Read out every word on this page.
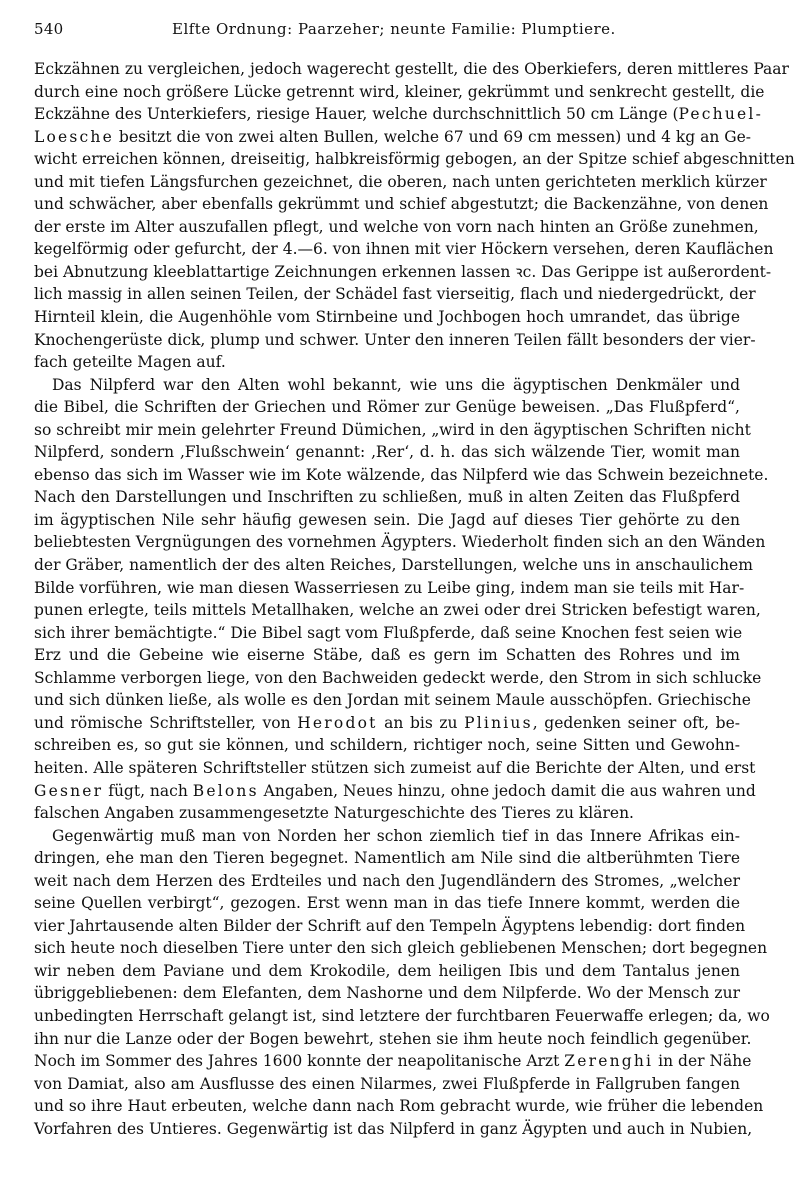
540	Elfte Ordnung: Paarzeher; neunte Familie: Plumptiere.
Eckzähnen zu vergleichen, jedoch wagerecht gestellt, die des Oberkiefers, deren mittleres Paar
durch eine noch größere Lücke getrennt wird, kleiner, gekrümmt und senkrecht gestellt, die
Eckzähne des Unterkiefers, riesige Hauer, welche durchschnittlich 50 cm Länge (Pechuel-
Loesche besitzt die von zwei alten Bullen, welche 67 und 69 cm messen) und 4 kg an Ge-
wicht erreichen können, dreiseitig, halbkreisförmig gebogen, an der Spitze schief abgeschnitten
und mit tiefen Längsfurchen gezeichnet, die oberen, nach unten gerichteten merklich kürzer
und schwächer, aber ebenfalls gekrümmt und schief abgestutzt; die Backenzähne, von denen
der erste im Alter auszufallen pflegt, und welche von vorn nach hinten an Größe zunehmen,
kegelförmig oder gefurcht, der 4.—6. von ihnen mit vier Höckern versehen, deren Kauflächen
bei Abnutzung kleeblattartige Zeichnungen erkennen lassen ꝛc. Das Gerippe ist außerordent-
lich massig in allen seinen Teilen, der Schädel fast vierseitig, flach und niedergedrückt, der
Hirnteil klein, die Augenhöhle vom Stirnbeine und Jochbogen hoch umrandet, das übrige
Knochengerüste dick, plump und schwer. Unter den inneren Teilen fällt besonders der vier-
fach geteilte Magen auf.
Das Nilpferd war den Alten wohl bekannt, wie uns die ägyptischen Denkmäler und
die Bibel, die Schriften der Griechen und Römer zur Genüge beweisen. „Das Flußpferd“,
so schreibt mir mein gelehrter Freund Dümichen, „wird in den ägyptischen Schriften nicht
Nilpferd, sondern ‚Flußschwein‘ genannt: ‚Rer‘, d. h. das sich wälzende Tier, womit man
ebenso das sich im Wasser wie im Kote wälzende, das Nilpferd wie das Schwein bezeichnete.
Nach den Darstellungen und Inschriften zu schließen, muß in alten Zeiten das Flußpferd
im ägyptischen Nile sehr häufig gewesen sein. Die Jagd auf dieses Tier gehörte zu den
beliebtesten Vergnügungen des vornehmen Ägypters. Wiederholt finden sich an den Wänden
der Gräber, namentlich der des alten Reiches, Darstellungen, welche uns in anschaulichem
Bilde vorführen, wie man diesen Wasserriesen zu Leibe ging, indem man sie teils mit Har-
punen erlegte, teils mittels Metallhaken, welche an zwei oder drei Stricken befestigt waren,
sich ihrer bemächtigte.“ Die Bibel sagt vom Flußpferde, daß seine Knochen fest seien wie
Erz und die Gebeine wie eiserne Stäbe, daß es gern im Schatten des Rohres und im
Schlamme verborgen liege, von den Bachweiden gedeckt werde, den Strom in sich schlucke
und sich dünken ließe, als wolle es den Jordan mit seinem Maule ausschöpfen. Griechische
und römische Schriftsteller, von Herodot an bis zu Plinius, gedenken seiner oft, be-
schreiben es, so gut sie können, und schildern, richtiger noch, seine Sitten und Gewohn-
heiten. Alle späteren Schriftsteller stützen sich zumeist auf die Berichte der Alten, und erst
Gesner fügt, nach Belons Angaben, Neues hinzu, ohne jedoch damit die aus wahren und
falschen Angaben zusammengesetzte Naturgeschichte des Tieres zu klären.
Gegenwärtig muß man von Norden her schon ziemlich tief in das Innere Afrikas ein-
dringen, ehe man den Tieren begegnet. Namentlich am Nile sind die altberühmten Tiere
weit nach dem Herzen des Erdteiles und nach den Jugendländern des Stromes, „welcher
seine Quellen verbirgt“, gezogen. Erst wenn man in das tiefe Innere kommt, werden die
vier Jahrtausende alten Bilder der Schrift auf den Tempeln Ägyptens lebendig: dort finden
sich heute noch dieselben Tiere unter den sich gleich gebliebenen Menschen; dort begegnen
wir neben dem Paviane und dem Krokodile, dem heiligen Ibis und dem Tantalus jenen
übriggebliebenen: dem Elefanten, dem Nashorne und dem Nilpferde. Wo der Mensch zur
unbedingten Herrschaft gelangt ist, sind letztere der furchtbaren Feuerwaffe erlegen; da, wo
ihn nur die Lanze oder der Bogen bewehrt, stehen sie ihm heute noch feindlich gegenüber.
Noch im Sommer des Jahres 1600 konnte der neapolitanische Arzt Zerenghi in der Nähe
von Damiat, also am Ausflusse des einen Nilarmes, zwei Flußpferde in Fallgruben fangen
und so ihre Haut erbeuten, welche dann nach Rom gebracht wurde, wie früher die lebenden
Vorfahren des Untieres. Gegenwärtig ist das Nilpferd in ganz Ägypten und auch in Nubien,
